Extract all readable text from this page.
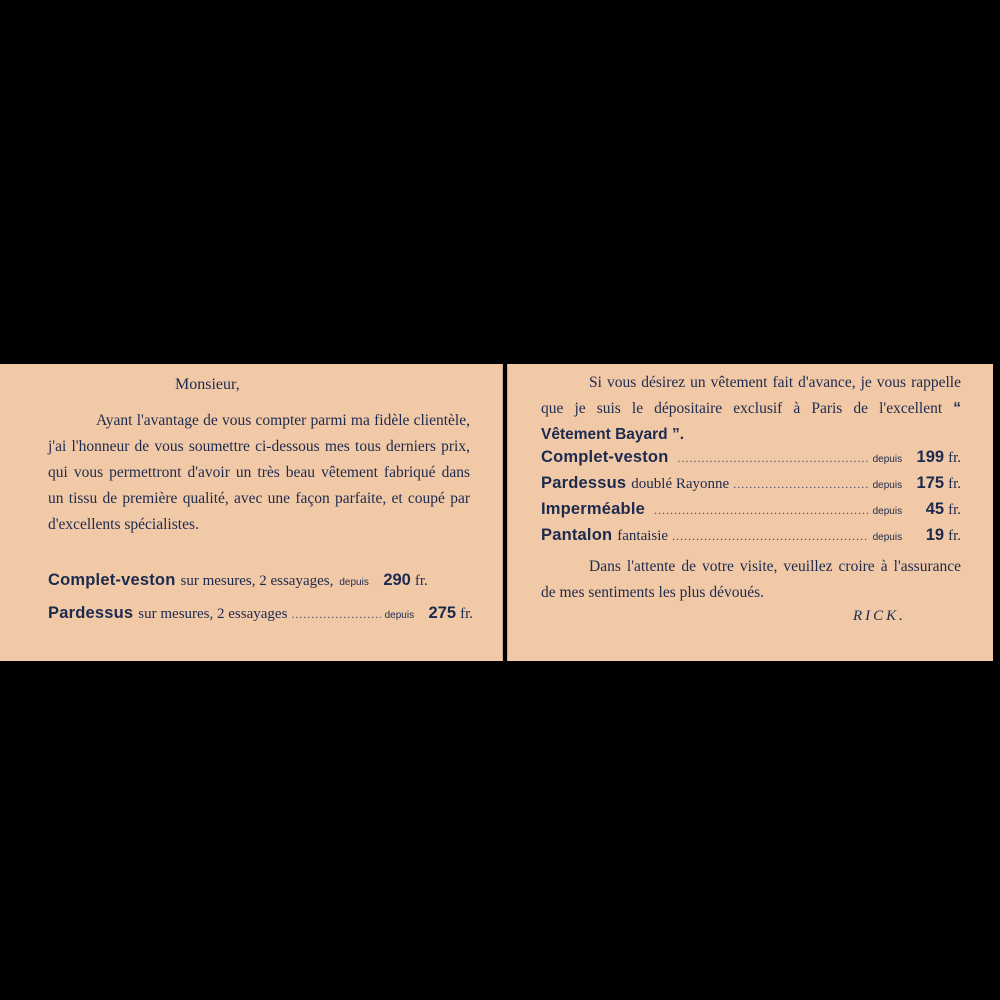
Monsieur,

Ayant l'avantage de vous compter parmi ma fidèle clientèle, j'ai l'honneur de vous soumettre ci-dessous mes tous derniers prix, qui vous permettront d'avoir un très beau vêtement fabriqué dans un tissu de première qualité, avec une façon parfaite, et coupé par d'excellents spécialistes.

Complet-veston sur mesures, 2 essayages, depuis 290 fr.
Pardessus sur mesures, 2 essayages .....	depuis 275 fr.

Si vous désirez un vêtement fait d'avance, je vous rappelle que je suis le dépositaire exclusif à Paris de l'excellent “ Vêtement Bayard ”.

Complet-veston .....	depuis 199 fr.
Pardessus doublé Rayonne .....	depuis 175 fr.
Imperméable .....	depuis	45 fr.
Pantalon fantaisie .....	depuis	19 fr.

Dans l'attente de votre visite, veuillez croire à l'assurance de mes sentiments les plus dévoués.

RICK.
